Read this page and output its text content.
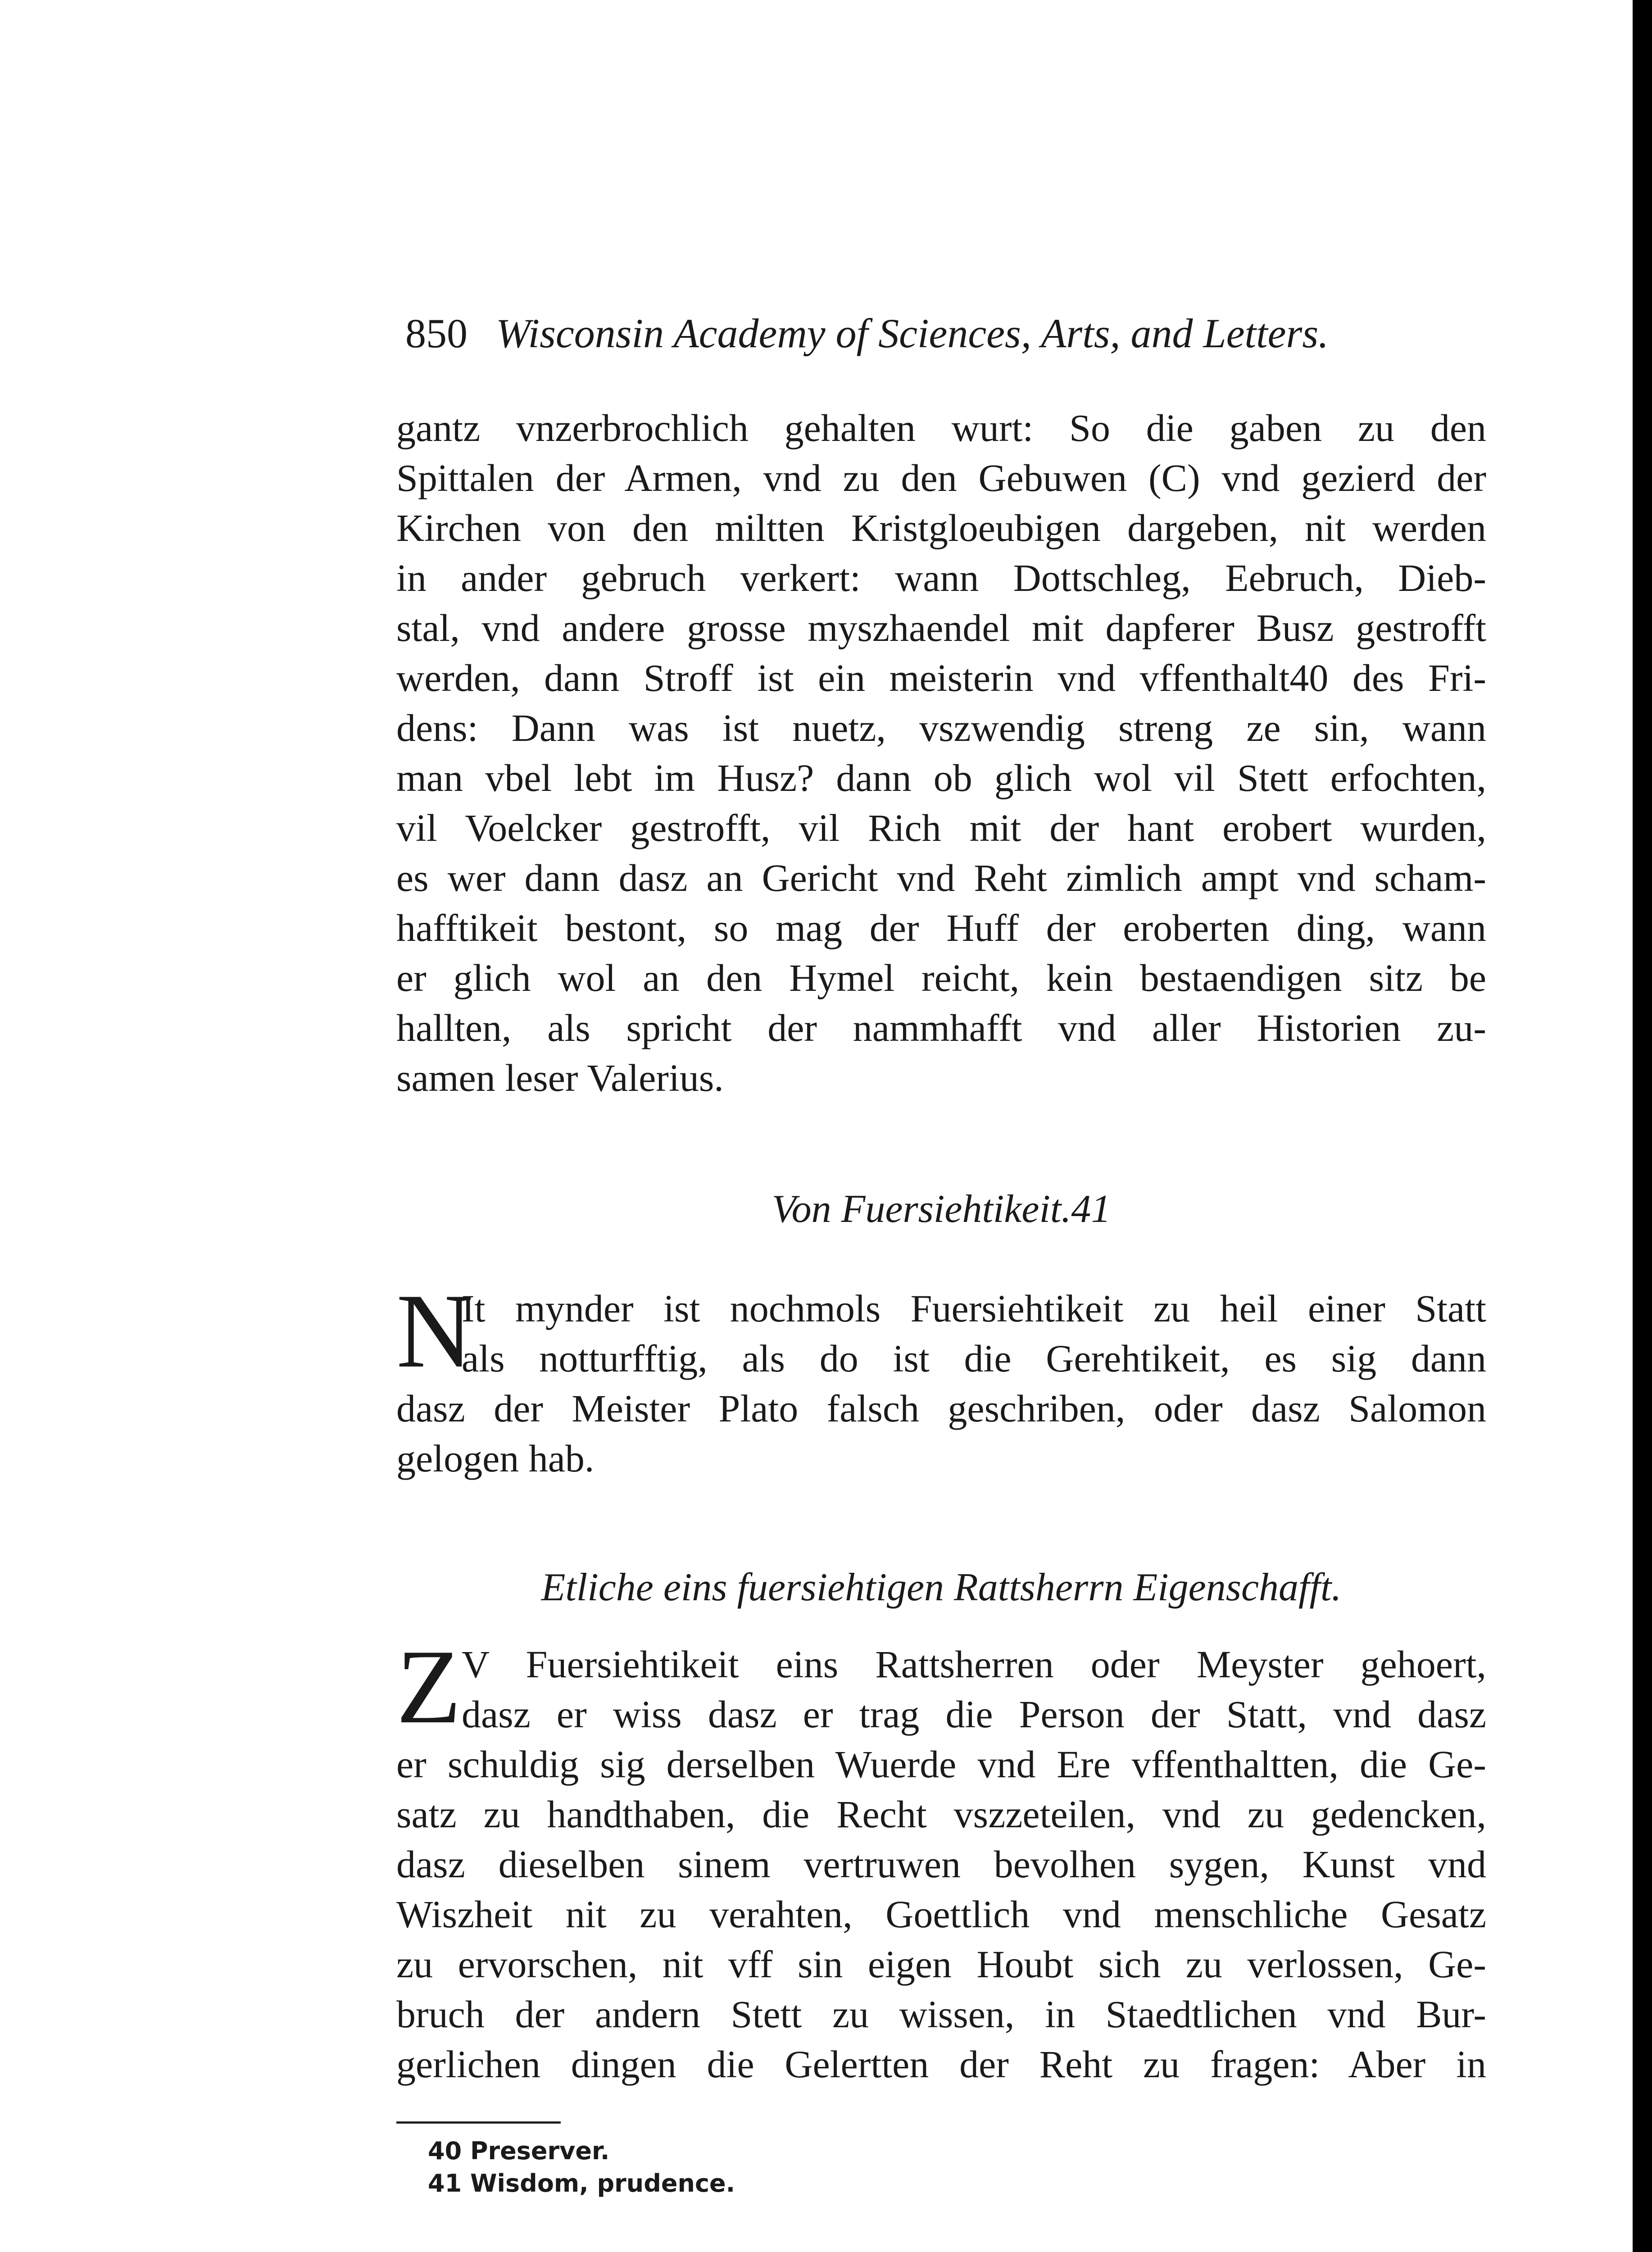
850 Wisconsin Academy of Sciences, Arts, and Letters.
gantz vnzerbrochlich gehalten wurt: So die gaben zu den
Spittalen der Armen, vnd zu den Gebuwen (C) vnd gezierd der
Kirchen von den miltten Kristgloeubigen dargeben, nit werden
in ander gebruch verkert: wann Dottschleg, Eebruch, Dieb-
stal, vnd andere grosse myszhaendel mit dapferer Busz gestrofft
werden, dann Stroff ist ein meisterin vnd vffenthalt40 des Fri-
dens: Dann was ist nuetz, vszwendig streng ze sin, wann
man vbel lebt im Husz? dann ob glich wol vil Stett erfochten,
vil Voelcker gestrofft, vil Rich mit der hant erobert wurden,
es wer dann dasz an Gericht vnd Reht zimlich ampt vnd scham-
hafftikeit bestont, so mag der Huff der eroberten ding, wann
er glich wol an den Hymel reicht, kein bestaendigen sitz be
hallten, als spricht der nammhafft vnd aller Historien zu-
samen leser Valerius.
Von Fuersiehtikeit.41
N
It mynder ist nochmols Fuersiehtikeit zu heil einer Statt
als notturfftig, als do ist die Gerehtikeit, es sig dann
dasz der Meister Plato falsch geschriben, oder dasz Salomon
gelogen hab.
Etliche eins fuersiehtigen Rattsherrn Eigenschafft.
Z V Fuersiehtikeit eins Rattsherren oder Meyster gehoert,
dasz er wiss dasz er trag die Person der Statt, vnd dasz
er schuldig sig derselben Wuerde vnd Ere vffenthaltten, die Ge-
satz zu handthaben, die Recht vszzeteilen, vnd zu gedencken,
dasz dieselben sinem vertruwen bevolhen sygen, Kunst vnd
Wiszheit nit zu verahten, Goettlich vnd menschliche Gesatz
zu ervorschen, nit vff sin eigen Houbt sich zu verlossen, Ge-
bruch der andern Stett zu wissen, in Staedtlichen vnd Bur-
gerlichen dingen die Gelertten der Reht zu fragen: Aber in
40 Preserver.
41 Wisdom, prudence.
